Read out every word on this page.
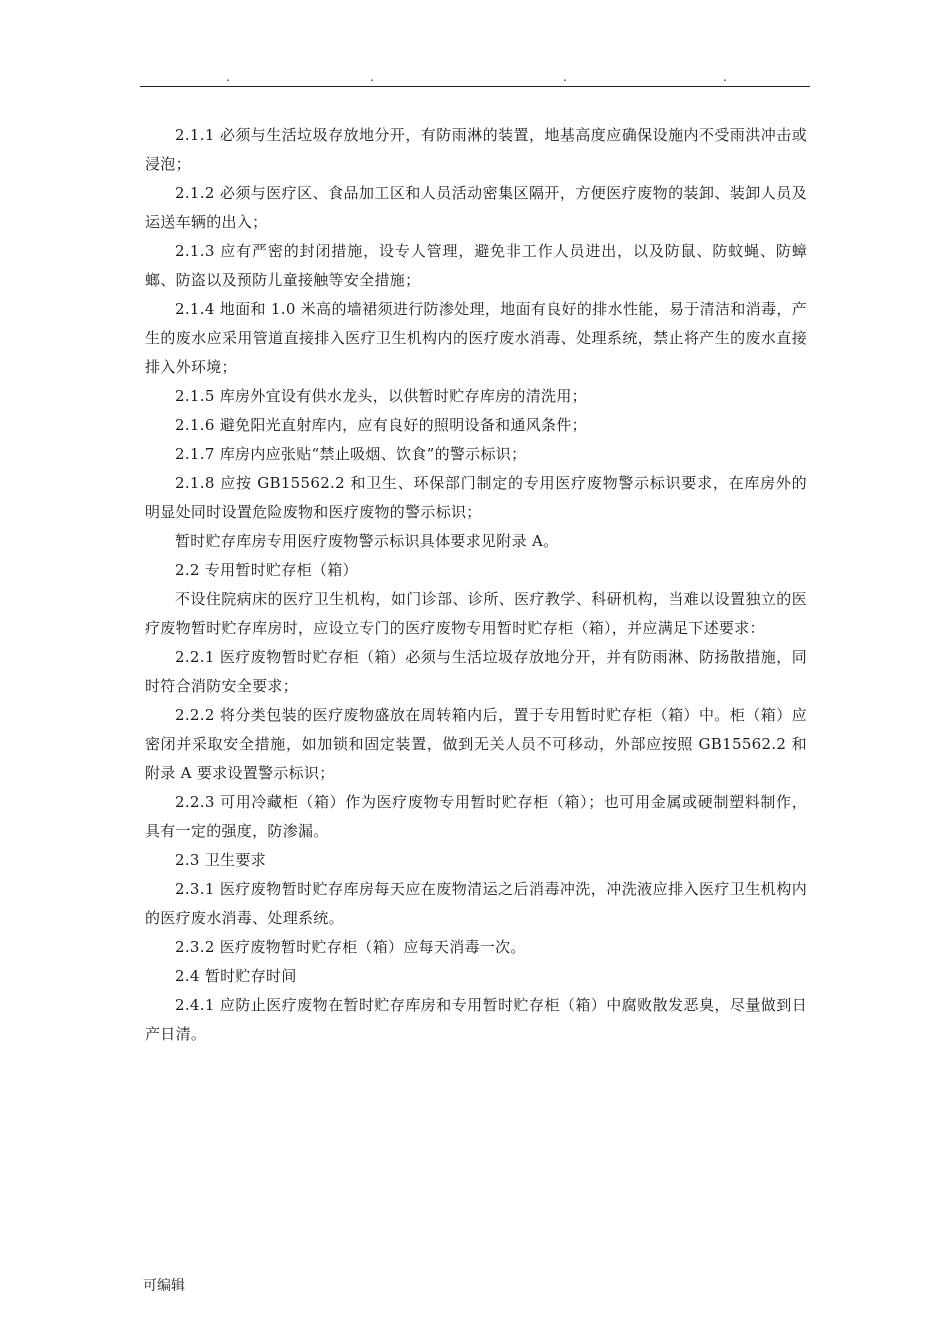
.	.	.	.

2.1.1 必须与生活垃圾存放地分开，有防雨淋的装置，地基高度应确保设施内不受雨洪冲击或浸泡；

2.1.2 必须与医疗区、食品加工区和人员活动密集区隔开，方便医疗废物的装卸、装卸人员及运送车辆的出入；

2.1.3 应有严密的封闭措施，设专人管理，避免非工作人员进出，以及防鼠、防蚊蝇、防蟑螂、防盗以及预防儿童接触等安全措施；

2.1.4 地面和 1.0 米高的墙裙须进行防渗处理，地面有良好的排水性能，易于清洁和消毒，产生的废水应采用管道直接排入医疗卫生机构内的医疗废水消毒、处理系统，禁止将产生的废水直接排入外环境；

2.1.5 库房外宜设有供水龙头，以供暂时贮存库房的清洗用；

2.1.6 避免阳光直射库内，应有良好的照明设备和通风条件；

2.1.7 库房内应张贴“禁止吸烟、饮食”的警示标识；

2.1.8 应按 GB15562.2 和卫生、环保部门制定的专用医疗废物警示标识要求，在库房外的明显处同时设置危险废物和医疗废物的警示标识；

暂时贮存库房专用医疗废物警示标识具体要求见附录 A。

2.2 专用暂时贮存柜（箱）

不设住院病床的医疗卫生机构，如门诊部、诊所、医疗教学、科研机构，当难以设置独立的医疗废物暂时贮存库房时，应设立专门的医疗废物专用暂时贮存柜（箱），并应满足下述要求：

2.2.1 医疗废物暂时贮存柜（箱）必须与生活垃圾存放地分开，并有防雨淋、防扬散措施，同时符合消防安全要求；

2.2.2 将分类包装的医疗废物盛放在周转箱内后，置于专用暂时贮存柜（箱）中。柜（箱）应密闭并采取安全措施，如加锁和固定装置，做到无关人员不可移动，外部应按照 GB15562.2 和附录 A 要求设置警示标识；

2.2.3 可用冷藏柜（箱）作为医疗废物专用暂时贮存柜（箱）；也可用金属或硬制塑料制作，具有一定的强度，防渗漏。

2.3 卫生要求

2.3.1 医疗废物暂时贮存库房每天应在废物清运之后消毒冲洗，冲洗液应排入医疗卫生机构内的医疗废水消毒、处理系统。

2.3.2 医疗废物暂时贮存柜（箱）应每天消毒一次。

2.4 暂时贮存时间

2.4.1 应防止医疗废物在暂时贮存库房和专用暂时贮存柜（箱）中腐败散发恶臭，尽量做到日产日清。

可编辑
